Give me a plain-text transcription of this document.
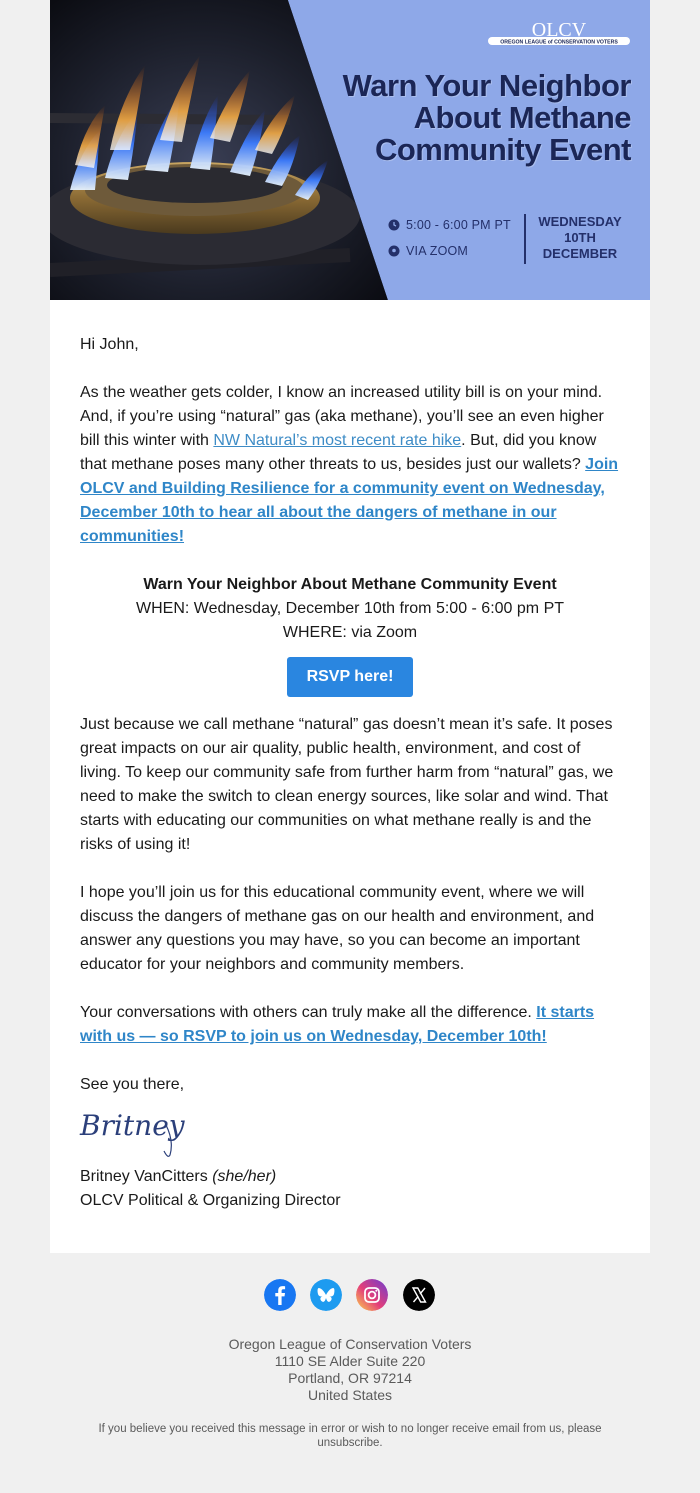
OLCV
OREGON LEAGUE of CONSERVATION VOTERS
Warn Your Neighbor About Methane Community Event
5:00 - 6:00 PM PT
VIA ZOOM
WEDNESDAY
10TH
DECEMBER

Hi John,

As the weather gets colder, I know an increased utility bill is on your mind. And, if you’re using “natural” gas (aka methane), you’ll see an even higher bill this winter with NW Natural’s most recent rate hike. But, did you know that methane poses many other threats to us, besides just our wallets? Join OLCV and Building Resilience for a community event on Wednesday, December 10th to hear all about the dangers of methane in our communities!

Warn Your Neighbor About Methane Community Event
WHEN: Wednesday, December 10th from 5:00 - 6:00 pm PT
WHERE: via Zoom
RSVP here!

Just because we call methane “natural” gas doesn’t mean it’s safe. It poses great impacts on our air quality, public health, environment, and cost of living. To keep our community safe from further harm from “natural” gas, we need to make the switch to clean energy sources, like solar and wind. That starts with educating our communities on what methane really is and the risks of using it!

I hope you’ll join us for this educational community event, where we will discuss the dangers of methane gas on our health and environment, and answer any questions you may have, so you can become an important educator for your neighbors and community members.

Your conversations with others can truly make all the difference. It starts with us — so RSVP to join us on Wednesday, December 10th!

See you there,
Britney
Britney VanCitters (she/her)
OLCV Political & Organizing Director
Oregon League of Conservation Voters
1110 SE Alder Suite 220
Portland, OR 97214
United States
If you believe you received this message in error or wish to no longer receive email from us, please unsubscribe.
